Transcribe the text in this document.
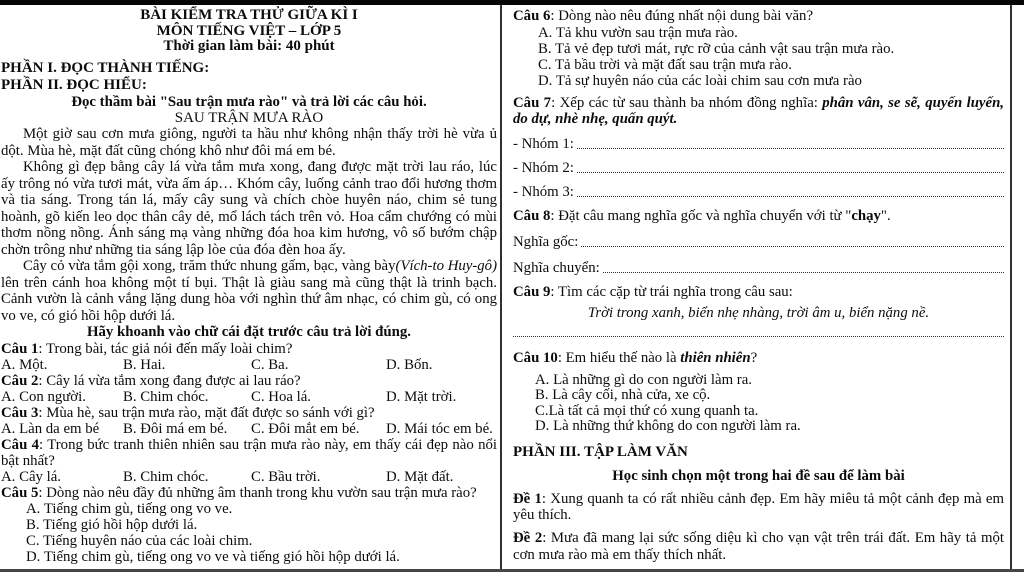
BÀI KIỂM TRA THỬ GIỮA KÌ I
MÔN TIẾNG VIỆT – LỚP 5
Thời gian làm bài: 40 phút
PHẦN I. ĐỌC THÀNH TIẾNG:
PHẦN II. ĐỌC HIỂU:
Đọc thầm bài "Sau trận mưa rào" và trả lời các câu hỏi.
SAU TRẬN MƯA RÀO

Một giờ sau cơn mưa giông, người ta hầu như không nhận thấy trời hè vừa ủ dột. Mùa hè, mặt đất cũng chóng khô như đôi má em bé.

Không gì đẹp bằng cây lá vừa tắm mưa xong, đang được mặt trời lau ráo, lúc ấy trông nó vừa tươi mát, vừa ấm áp… Khóm cây, luống cảnh trao đổi hương thơm và tia sáng. Trong tán lá, mấy cây sung và chích chòe huyên náo, chim sẻ tung hoành, gõ kiến leo dọc thân cây dẻ, mổ lách tách trên vỏ. Hoa cẩm chướng có mùi thơm nồng nồng. Ánh sáng mạ vàng những đóa hoa kim hương, vô số bướm chập chờn trông như những tia sáng lập lòe của đóa đèn hoa ấy.

(Vích-to Huy-gô)
Cây cỏ vừa tắm gội xong, trăm thức nhung gấm, bạc, vàng bày lên trên cánh hoa không một tí bụi. Thật là giàu sang mà cũng thật là trinh bạch. Cảnh vườn là cảnh vắng lặng dung hòa với nghìn thứ âm nhạc, có chim gù, có ong vo ve, có gió hồi hộp dưới lá.

Hãy khoanh vào chữ cái đặt trước câu trả lời đúng.
Câu 1: Trong bài, tác giả nói đến mấy loài chim?
A. Một.	B. Hai.	C. Ba.	D. Bốn.
Câu 2: Cây lá vừa tắm xong đang được ai lau ráo?
A. Con người.	B. Chim chóc.	C. Hoa lá.	D. Mặt trời.
Câu 3: Mùa hè, sau trận mưa rào, mặt đất được so sánh với gì?
A. Làn da em bé	B. Đôi má em bé.	C. Đôi mắt em bé.	D. Mái tóc em bé.
Câu 4: Trong bức tranh thiên nhiên sau trận mưa rào này, em thấy cái đẹp nào nổi bật nhất?
A. Cây lá.	B. Chim chóc.	C. Bầu trời.	D. Mặt đất.
Câu 5: Dòng nào nêu đầy đủ những âm thanh trong khu vườn sau trận mưa rào?
A. Tiếng chim gù, tiếng ong vo ve.
B. Tiếng gió hồi hộp dưới lá.
C. Tiếng huyên náo của các loài chim.
D. Tiếng chim gù, tiếng ong vo ve và tiếng gió hồi hộp dưới lá.
Câu 6: Dòng nào nêu đúng nhất nội dung bài văn?
A. Tả khu vườn sau trận mưa rào.
B. Tả vẻ đẹp tươi mát, rực rỡ của cảnh vật sau trận mưa rào.
C. Tả bầu trời và mặt đất sau trận mưa rào.
D. Tả sự huyên náo của các loài chim sau cơn mưa rào
Câu 7: Xếp các từ sau thành ba nhóm đồng nghĩa: phân vân, se sẽ, quyến luyến, do dự, nhè nhẹ, quấn quýt.
- Nhóm 1:
- Nhóm 2:
- Nhóm 3:
Câu 8: Đặt câu mang nghĩa gốc và nghĩa chuyển với từ "chạy".
Nghĩa gốc:
Nghĩa chuyển:
Câu 9: Tìm các cặp từ trái nghĩa trong câu sau:
Trời trong xanh, biển nhẹ nhàng, trời âm u, biển nặng nề.
Câu 10: Em hiểu thế nào là thiên nhiên?
A. Là những gì do con người làm ra.
B. Là cây cối, nhà cửa, xe cộ.
C.Là tất cả mọi thứ có xung quanh ta.
D. Là những thứ không do con người làm ra.
PHẦN III. TẬP LÀM VĂN
Học sinh chọn một trong hai đề sau để làm bài
Đề 1: Xung quanh ta có rất nhiều cảnh đẹp. Em hãy miêu tả một cảnh đẹp mà em yêu thích.
Đề 2: Mưa đã mang lại sức sống diệu kì cho vạn vật trên trái đất. Em hãy tả một cơn mưa rào mà em thấy thích nhất.
